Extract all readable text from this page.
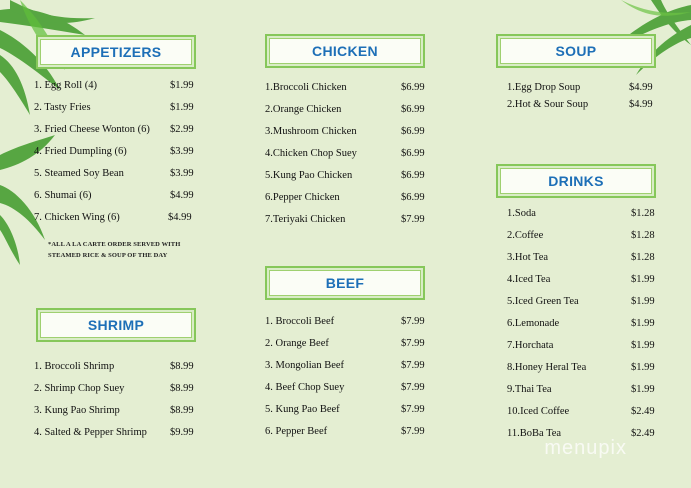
APPETIZERS
1. Egg Roll (4)	$1.99
2. Tasty Fries	$1.99
3. Fried Cheese Wonton (6) $2.99
4. Fried Dumpling (6)	$3.99
5. Steamed Soy Bean	$3.99
6. Shumai (6)	$4.99
7. Chicken Wing (6)	$4.99
*ALL A LA CARTE ORDER SERVED WITH
STEAMED RICE & SOUP OF THE DAY
SHRIMP
1. Broccoli Shrimp	$8.99
2. Shrimp Chop Suey	$8.99
3. Kung Pao Shrimp	$8.99
4. Salted & Pepper Shrimp $9.99
CHICKEN
1.Broccoli Chicken	$6.99
2.Orange Chicken	$6.99
3.Mushroom Chicken	$6.99
4.Chicken Chop Suey	$6.99
5.Kung Pao Chicken	$6.99
6.Pepper Chicken	$6.99
7.Teriyaki Chicken	$7.99
BEEF
1. Broccoli Beef	$7.99
2. Orange Beef	$7.99
3. Mongolian Beef	$7.99
4. Beef Chop Suey	$7.99
5. Kung Pao Beef	$7.99
6. Pepper Beef	$7.99
SOUP
1.Egg Drop Soup	$4.99
2.Hot & Sour Soup	$4.99
DRINKS
1.Soda	$1.28
2.Coffee	$1.28
3.Hot Tea	$1.28
4.Iced Tea	$1.99
5.Iced Green Tea	$1.99
6.Lemonade	$1.99
7.Horchata	$1.99
8.Honey Heral Tea	$1.99
9.Thai Tea	$1.99
10.Iced Coffee	$2.49
11.BoBa Tea	$2.49
menupix
